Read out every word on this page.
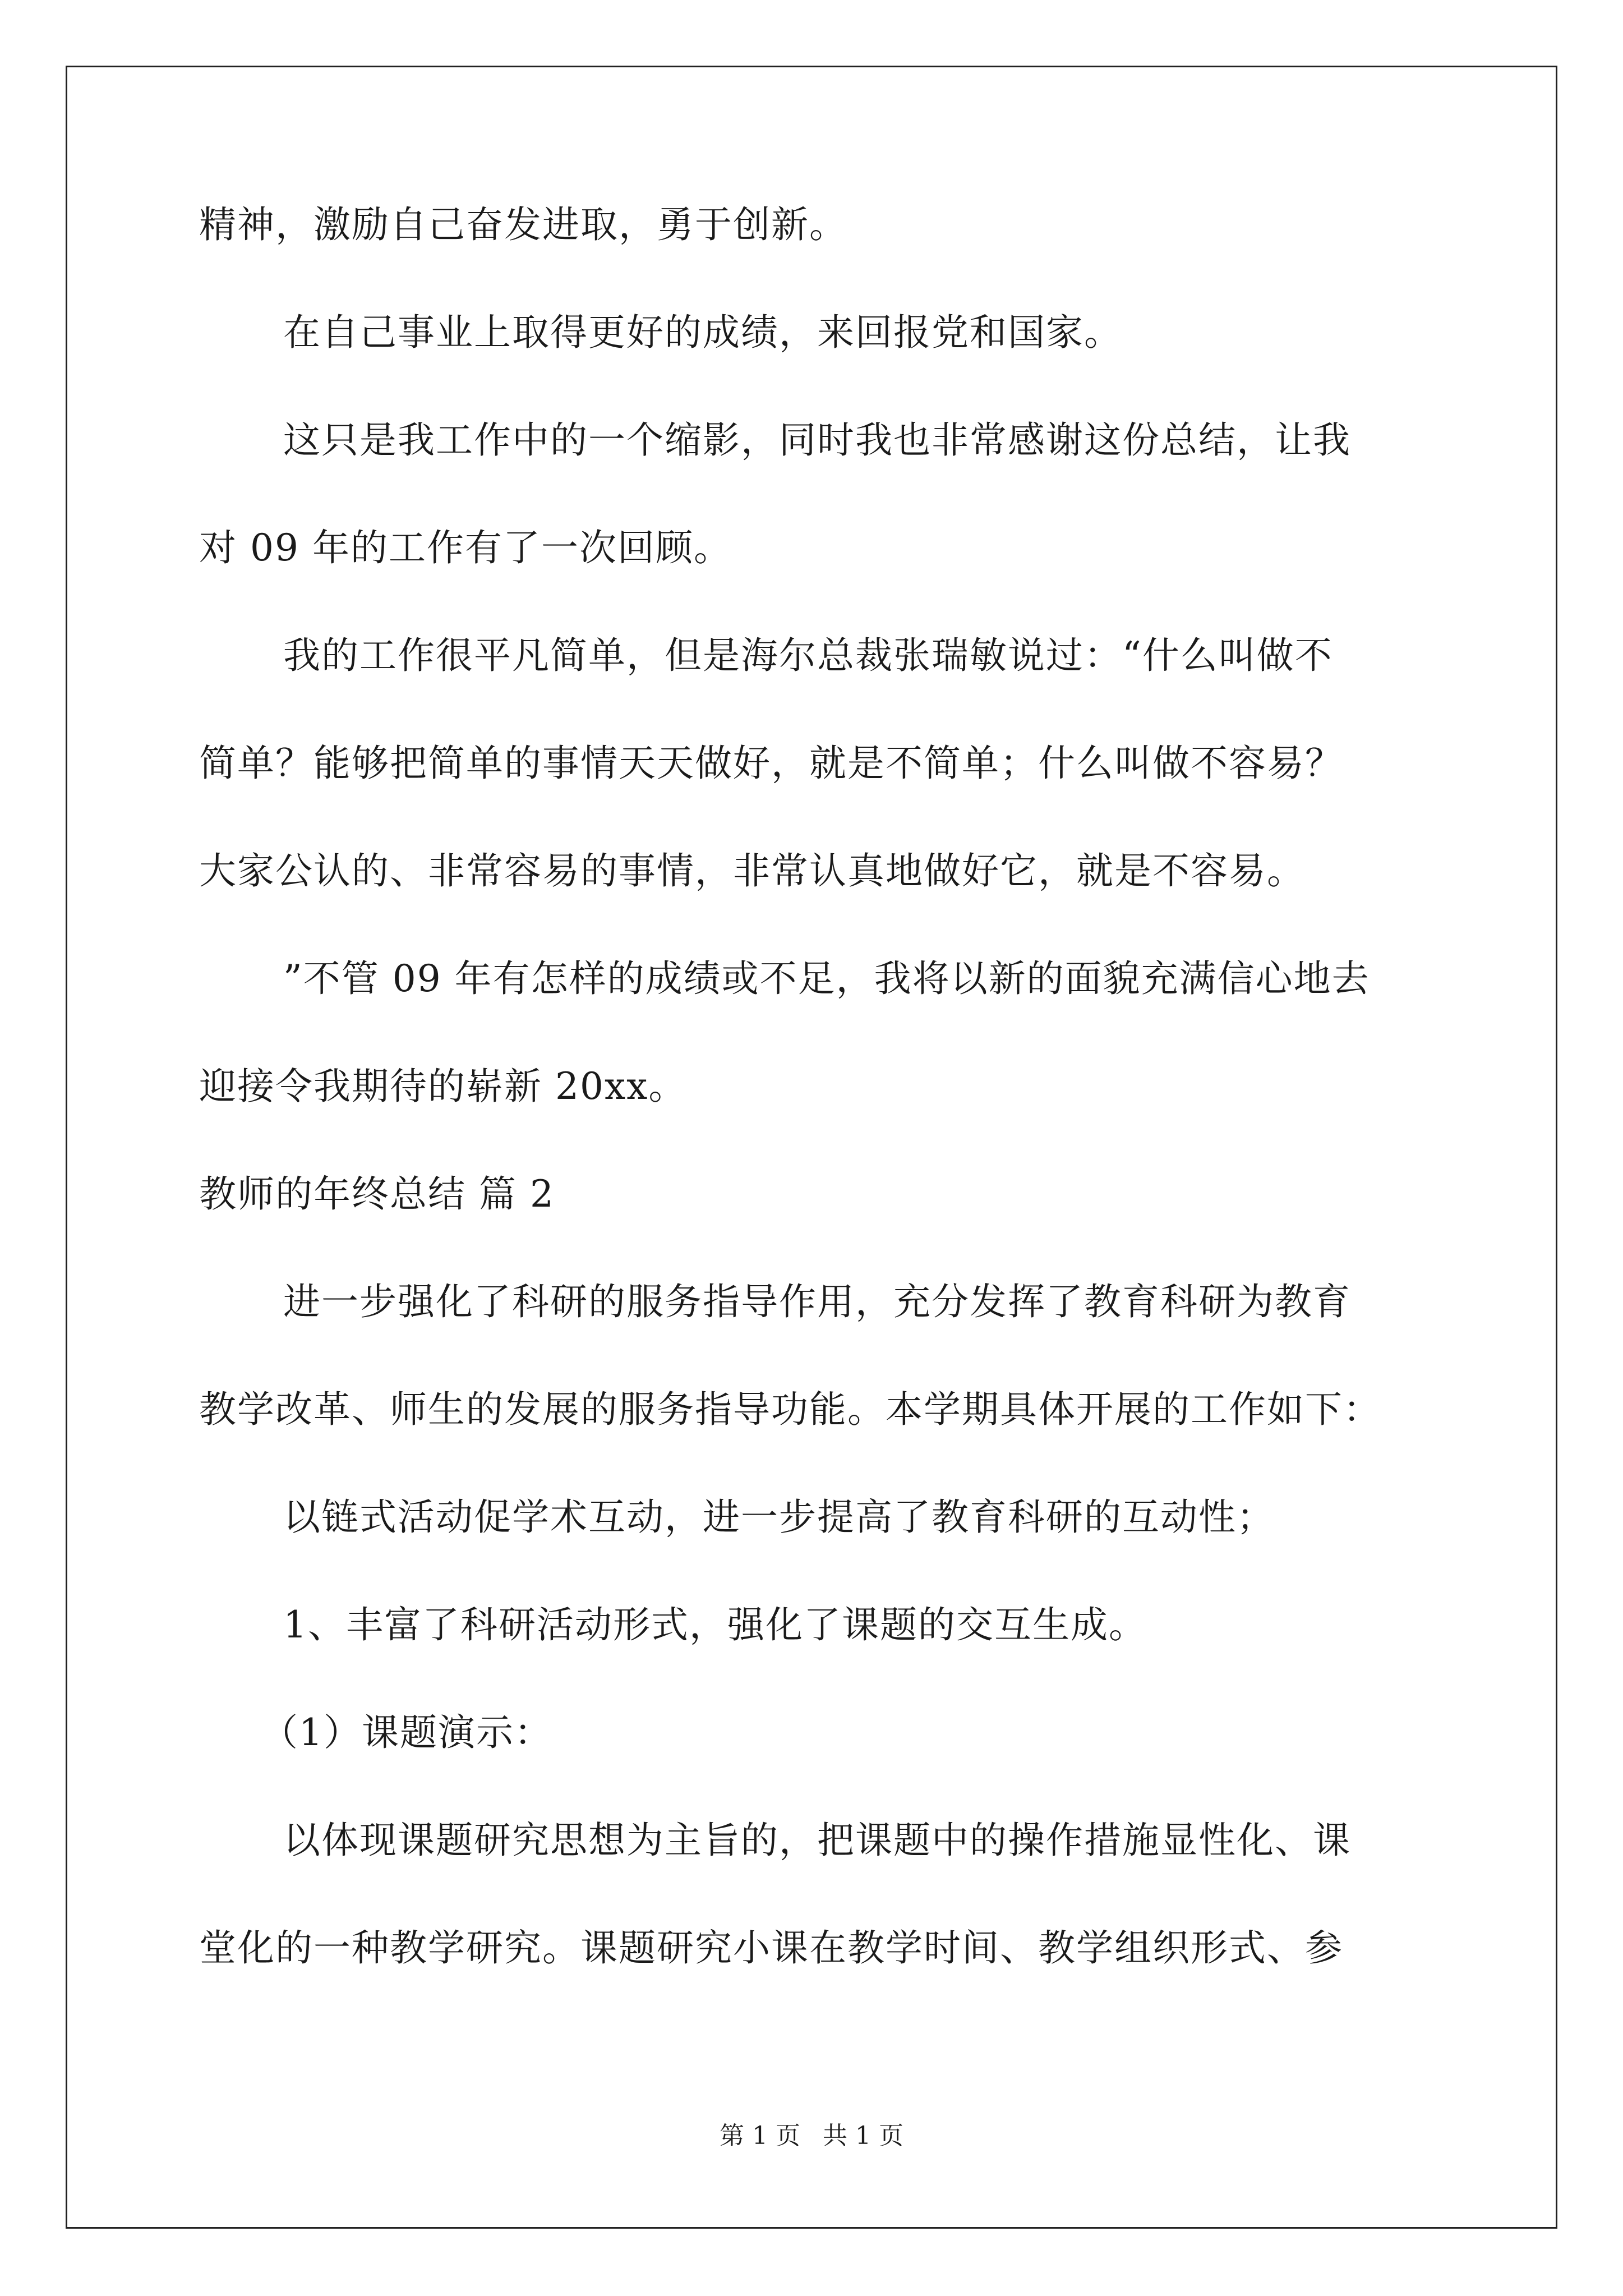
精神，激励自己奋发进取，勇于创新。
在自己事业上取得更好的成绩，来回报党和国家。
这只是我工作中的一个缩影，同时我也非常感谢这份总结，让我
对 09 年的工作有了一次回顾。
我的工作很平凡简单，但是海尔总裁张瑞敏说过：“什么叫做不
简单？能够把简单的事情天天做好，就是不简单；什么叫做不容易？
大家公认的、非常容易的事情，非常认真地做好它，就是不容易。
”不管 09 年有怎样的成绩或不足，我将以新的面貌充满信心地去
迎接令我期待的崭新 20xx。
教师的年终总结 篇 2
进一步强化了科研的服务指导作用，充分发挥了教育科研为教育
教学改革、师生的发展的服务指导功能。本学期具体开展的工作如下：
以链式活动促学术互动，进一步提高了教育科研的互动性；
1、丰富了科研活动形式，强化了课题的交互生成。
（1）课题演示：
以体现课题研究思想为主旨的，把课题中的操作措施显性化、课
堂化的一种教学研究。课题研究小课在教学时间、教学组织形式、参
第 1 页 共 1 页
